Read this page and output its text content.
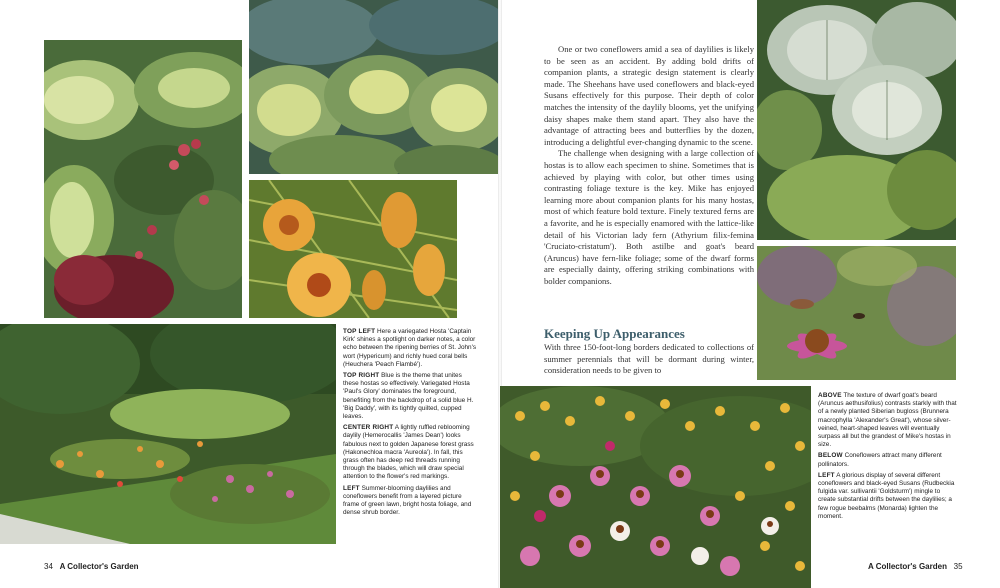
TOP LEFT Here a variegated Hosta 'Captain Kirk' shines a spotlight on darker notes, a color echo between the ripening berries of St. John's wort (Hypericum) and richly hued coral bells (Heuchera 'Peach Flambé').

TOP RIGHT Blue is the theme that unites these hostas so effectively. Variegated Hosta 'Paul's Glory' dominates the foreground, benefiting from the backdrop of a solid blue H. 'Big Daddy', with its tightly quilted, cupped leaves.

CENTER RIGHT A lightly ruffled reblooming daylily (Hemerocallis 'James Dean') looks fabulous next to golden Japanese forest grass (Hakonechloa macra 'Aureola'). In fall, this grass often has deep red threads running through the blades, which will draw special attention to the flower's red markings.

LEFT Summer-blooming daylilies and coneflowers benefit from a layered picture frame of green lawn, bright hosta foliage, and dense shrub border.

34 A Collector's Garden

One or two coneflowers amid a sea of daylilies is likely to be seen as an accident. By adding bold drifts of companion plants, a strategic design statement is clearly made. The Sheehans have used coneflowers and black-eyed Susans effectively for this purpose. Their depth of color matches the intensity of the daylily blooms, yet the unifying daisy shapes make them stand apart. They also have the advantage of attracting bees and butterflies by the dozen, introducing a delightful ever-changing dynamic to the scene.

The challenge when designing with a large collection of hostas is to allow each specimen to shine. Sometimes that is achieved by playing with color, but other times using contrasting foliage texture is the key. Mike has enjoyed learning more about companion plants for his many hostas, most of which feature bold texture. Finely textured ferns are a favorite, and he is especially enamored with the lattice-like detail of his Victorian lady fern (Athyrium filix-femina 'Cruciato-cristatum'). Both astilbe and goat's beard (Aruncus) have fern-like foliage; some of the dwarf forms are especially dainty, offering striking combinations with bolder companions.

Keeping Up Appearances

With three 150-foot-long borders dedicated to collections of summer perennials that will be dormant during winter, consideration needs to be given to

ABOVE The texture of dwarf goat's beard (Aruncus aethusifolius) contrasts starkly with that of a newly planted Siberian bugloss (Brunnera macrophylla 'Alexander's Great'), whose silver-veined, heart-shaped leaves will eventually surpass all but the grandest of Mike's hostas in size.

BELOW Coneflowers attract many different pollinators.

LEFT A glorious display of several different coneflowers and black-eyed Susans (Rudbeckia fulgida var. sullivantii 'Goldsturm') mingle to create substantial drifts between the daylilies; a few rogue beebalms (Monarda) lighten the moment.

A Collector's Garden 35
